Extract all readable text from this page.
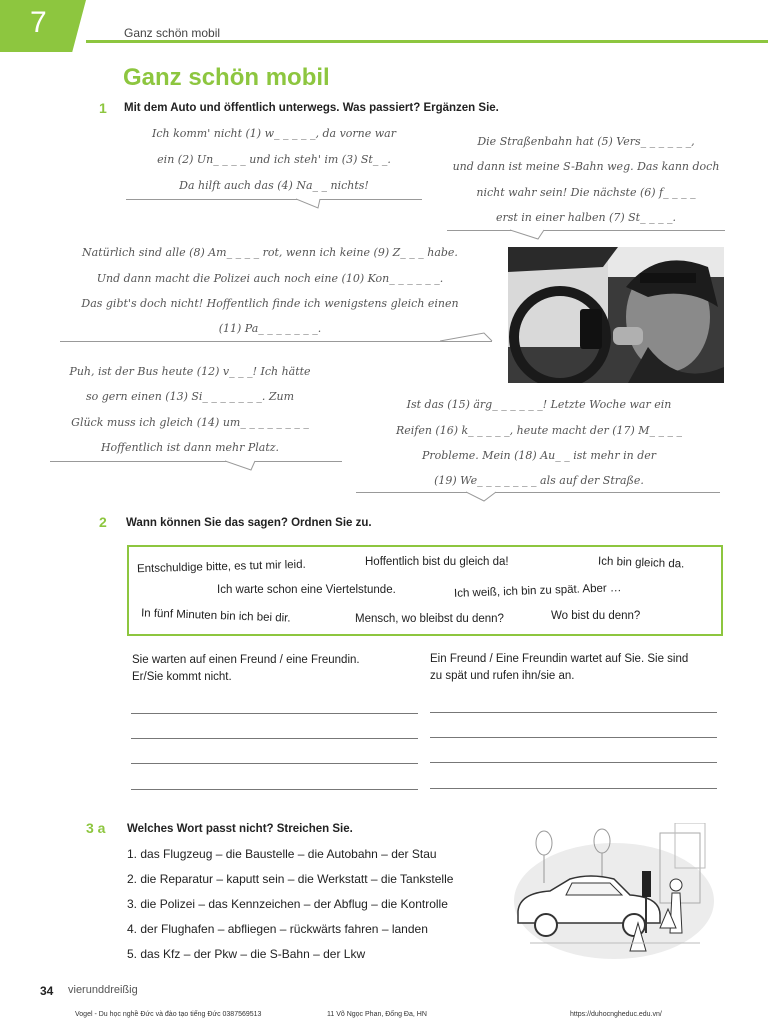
7	Ganz schön mobil
Ganz schön mobil
1 Mit dem Auto und öffentlich unterwegs. Was passiert? Ergänzen Sie.
Ich komm' nicht (1) w_ _ _ _ _, da vorne war
ein (2) Un_ _ _ _ und ich steh' im (3) St_ _.
Da hilft auch das (4) Na_ _ nichts!
Die Straßenbahn hat (5) Vers_ _ _ _ _ _,
und dann ist meine S-Bahn weg. Das kann doch
nicht wahr sein! Die nächste (6) f_ _ _ _
erst in einer halben (7) St_ _ _ _.
Natürlich sind alle (8) Am_ _ _ _ rot, wenn ich keine (9) Z_ _ _ habe.
Und dann macht die Polizei auch noch eine (10) Kon_ _ _ _ _ _.
Das gibt's doch nicht! Hoffentlich finde ich wenigstens gleich einen
(11) Pa_ _ _ _ _ _ _.
Puh, ist der Bus heute (12) v_ _ _! Ich hätte
so gern einen (13) Si_ _ _ _ _ _ _. Zum
Glück muss ich gleich (14) um_ _ _ _ _ _ _ _
Hoffentlich ist dann mehr Platz.
Ist das (15) ärg_ _ _ _ _ _! Letzte Woche war ein
Reifen (16) k_ _ _ _ _, heute macht der (17) M_ _ _ _
Probleme. Mein (18) Au_ _ ist mehr in der
(19) We_ _ _ _ _ _ _ als auf der Straße.
2 Wann können Sie das sagen? Ordnen Sie zu.
Entschuldige bitte, es tut mir leid.	Hoffentlich bist du gleich da!	Ich bin gleich da.
Ich warte schon eine Viertelstunde.	Ich weiß, ich bin zu spät. Aber …
In fünf Minuten bin ich bei dir.	Mensch, wo bleibst du denn?	Wo bist du denn?
Sie warten auf einen Freund / eine Freundin.
Er/Sie kommt nicht.
Ein Freund / Eine Freundin wartet auf Sie. Sie sind
zu spät und rufen ihn/sie an.
3 a Welches Wort passt nicht? Streichen Sie.
1. das Flugzeug – die Baustelle – die Autobahn – der Stau
2. die Reparatur – kaputt sein – die Werkstatt – die Tankstelle
3. die Polizei – das Kennzeichen – der Abflug – die Kontrolle
4. der Flughafen – abfliegen – rückwärts fahren – landen
5. das Kfz – der Pkw – die S-Bahn – der Lkw
34 vierunddreißig
Vogel - Du học nghề Đức và đào tạo tiếng Đức 0387569513	11 Võ Ngọc Phan, Đống Đa, HN	https://duhocngheduc.edu.vn/
